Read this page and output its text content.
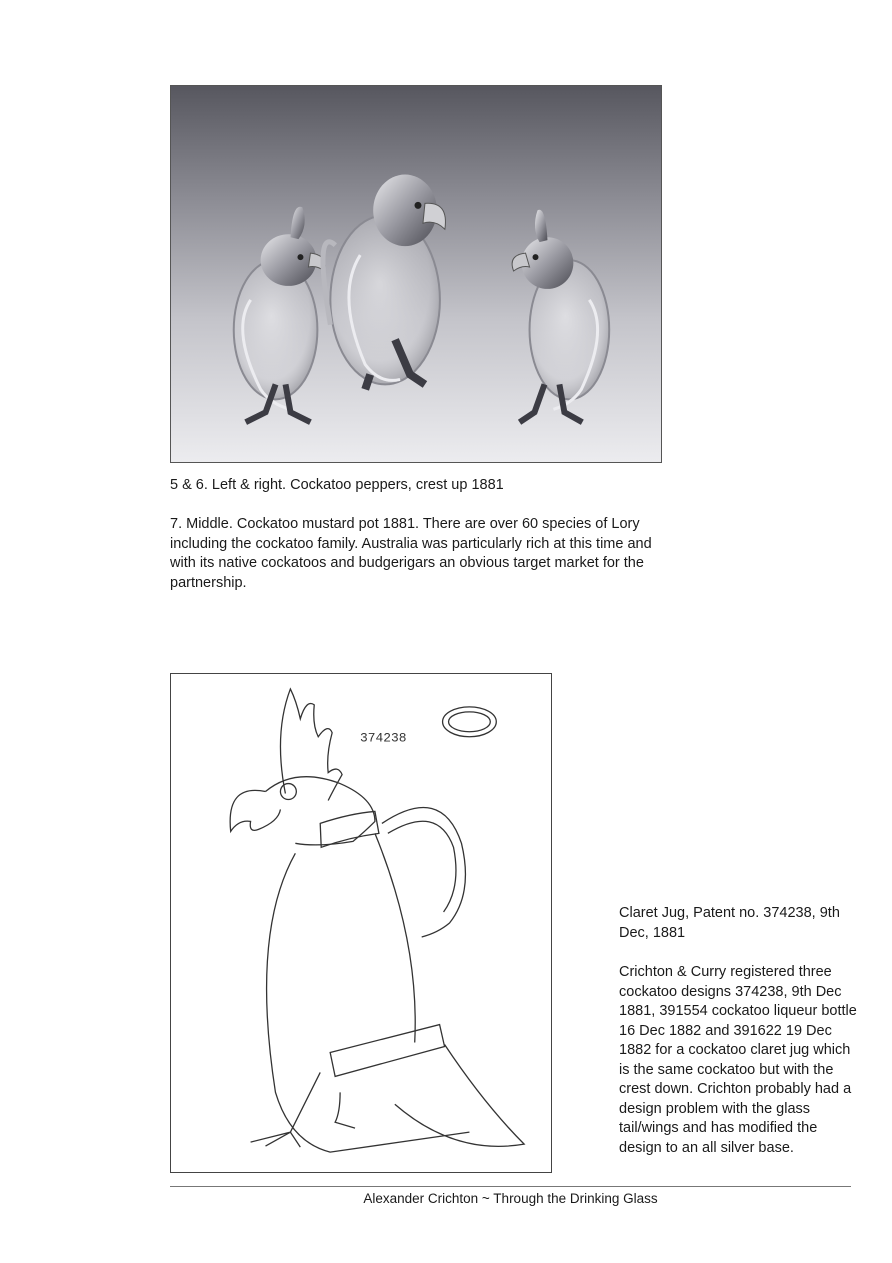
5 & 6. Left & right. Cockatoo peppers, crest up 1881

7. Middle. Cockatoo mustard pot 1881. There are over 60 species of Lory including the cockatoo family. Australia was particularly rich at this time and with its native cockatoos and budgerigars an obvious target market for the partnership.

374238

Claret Jug, Patent no. 374238, 9th Dec, 1881

Crichton & Curry registered three cockatoo designs 374238, 9th Dec 1881, 391554 cockatoo liqueur bottle 16 Dec 1882 and 391622 19 Dec 1882 for a cockatoo claret jug which is the same cockatoo but with the crest down. Crichton probably had a design problem with the glass tail/wings and has modified the design to an all silver base.

Alexander Crichton ~ Through the Drinking Glass
